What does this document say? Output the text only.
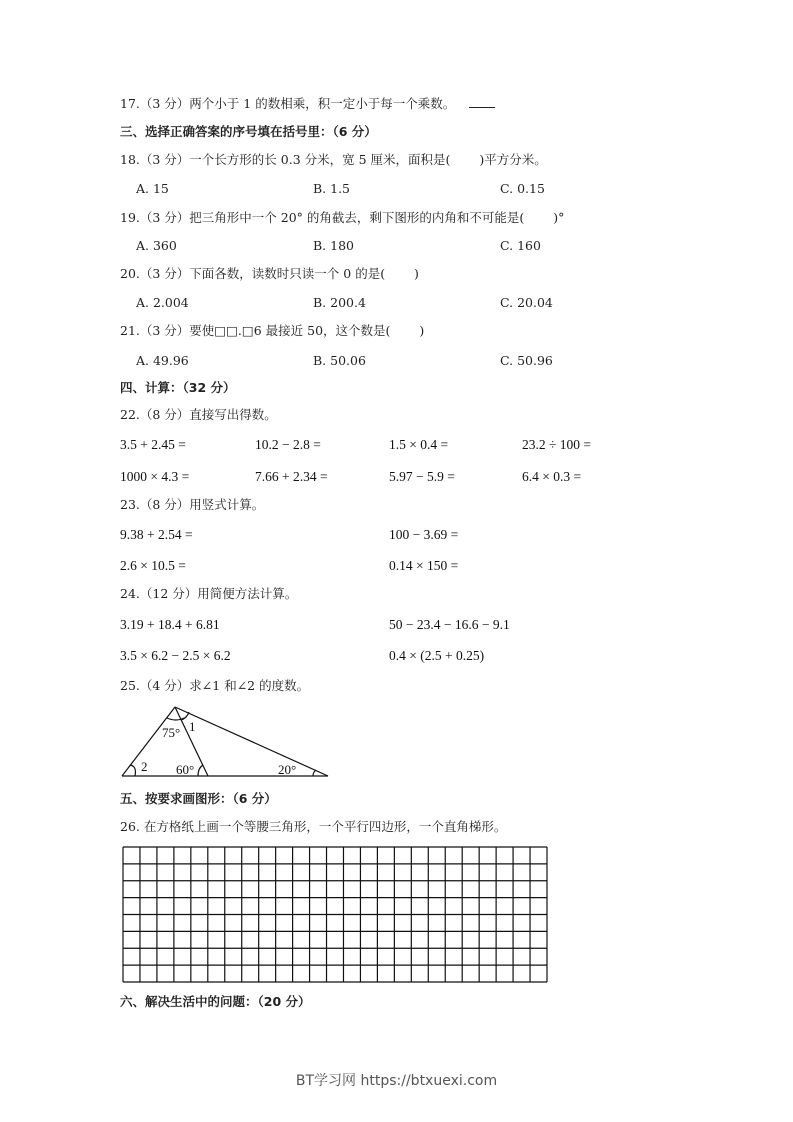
17.（3 分）两个小于 1 的数相乘，积一定小于每一个乘数。
三、选择正确答案的序号填在括号里：（6 分）
18.（3 分）一个长方形的长 0.3 分米，宽 5 厘米，面积是(　　 )平方分米。
A. 15	B. 1.5	C. 0.15
19.（3 分）把三角形中一个 20° 的角截去，剩下图形的内角和不可能是(　　 )°
A. 360	B. 180	C. 160
20.（3 分）下面各数，读数时只读一个 0 的是(　　 )
A. 2.004	B. 200.4	C. 20.04
21.（3 分）要使□□.□6 最接近 50，这个数是(　　 )
A. 49.96	B. 50.06	C. 50.96
四、计算：（32 分）
22.（8 分）直接写出得数。
3.5 + 2.45 =	10.2 − 2.8 =	1.5 × 0.4 =	23.2 ÷ 100 =
1000 × 4.3 =	7.66 + 2.34 =	5.97 − 5.9 =	6.4 × 0.3 =
23.（8 分）用竖式计算。
9.38 + 2.54 =	100 − 3.69 =
2.6 × 10.5 =	0.14 × 150 =
24.（12 分）用简便方法计算。
3.19 + 18.4 + 6.81	50 − 23.4 − 16.6 − 9.1
3.5 × 6.2 − 2.5 × 6.2	0.4 × (2.5 + 0.25)
25.（4 分）求∠1 和∠2 的度数。
75° 1
2 60°	20°
五、按要求画图形：（6 分）
26. 在方格纸上画一个等腰三角形，一个平行四边形，一个直角梯形。
六、解决生活中的问题：（20 分）
BT学习网 https://btxuexi.com
